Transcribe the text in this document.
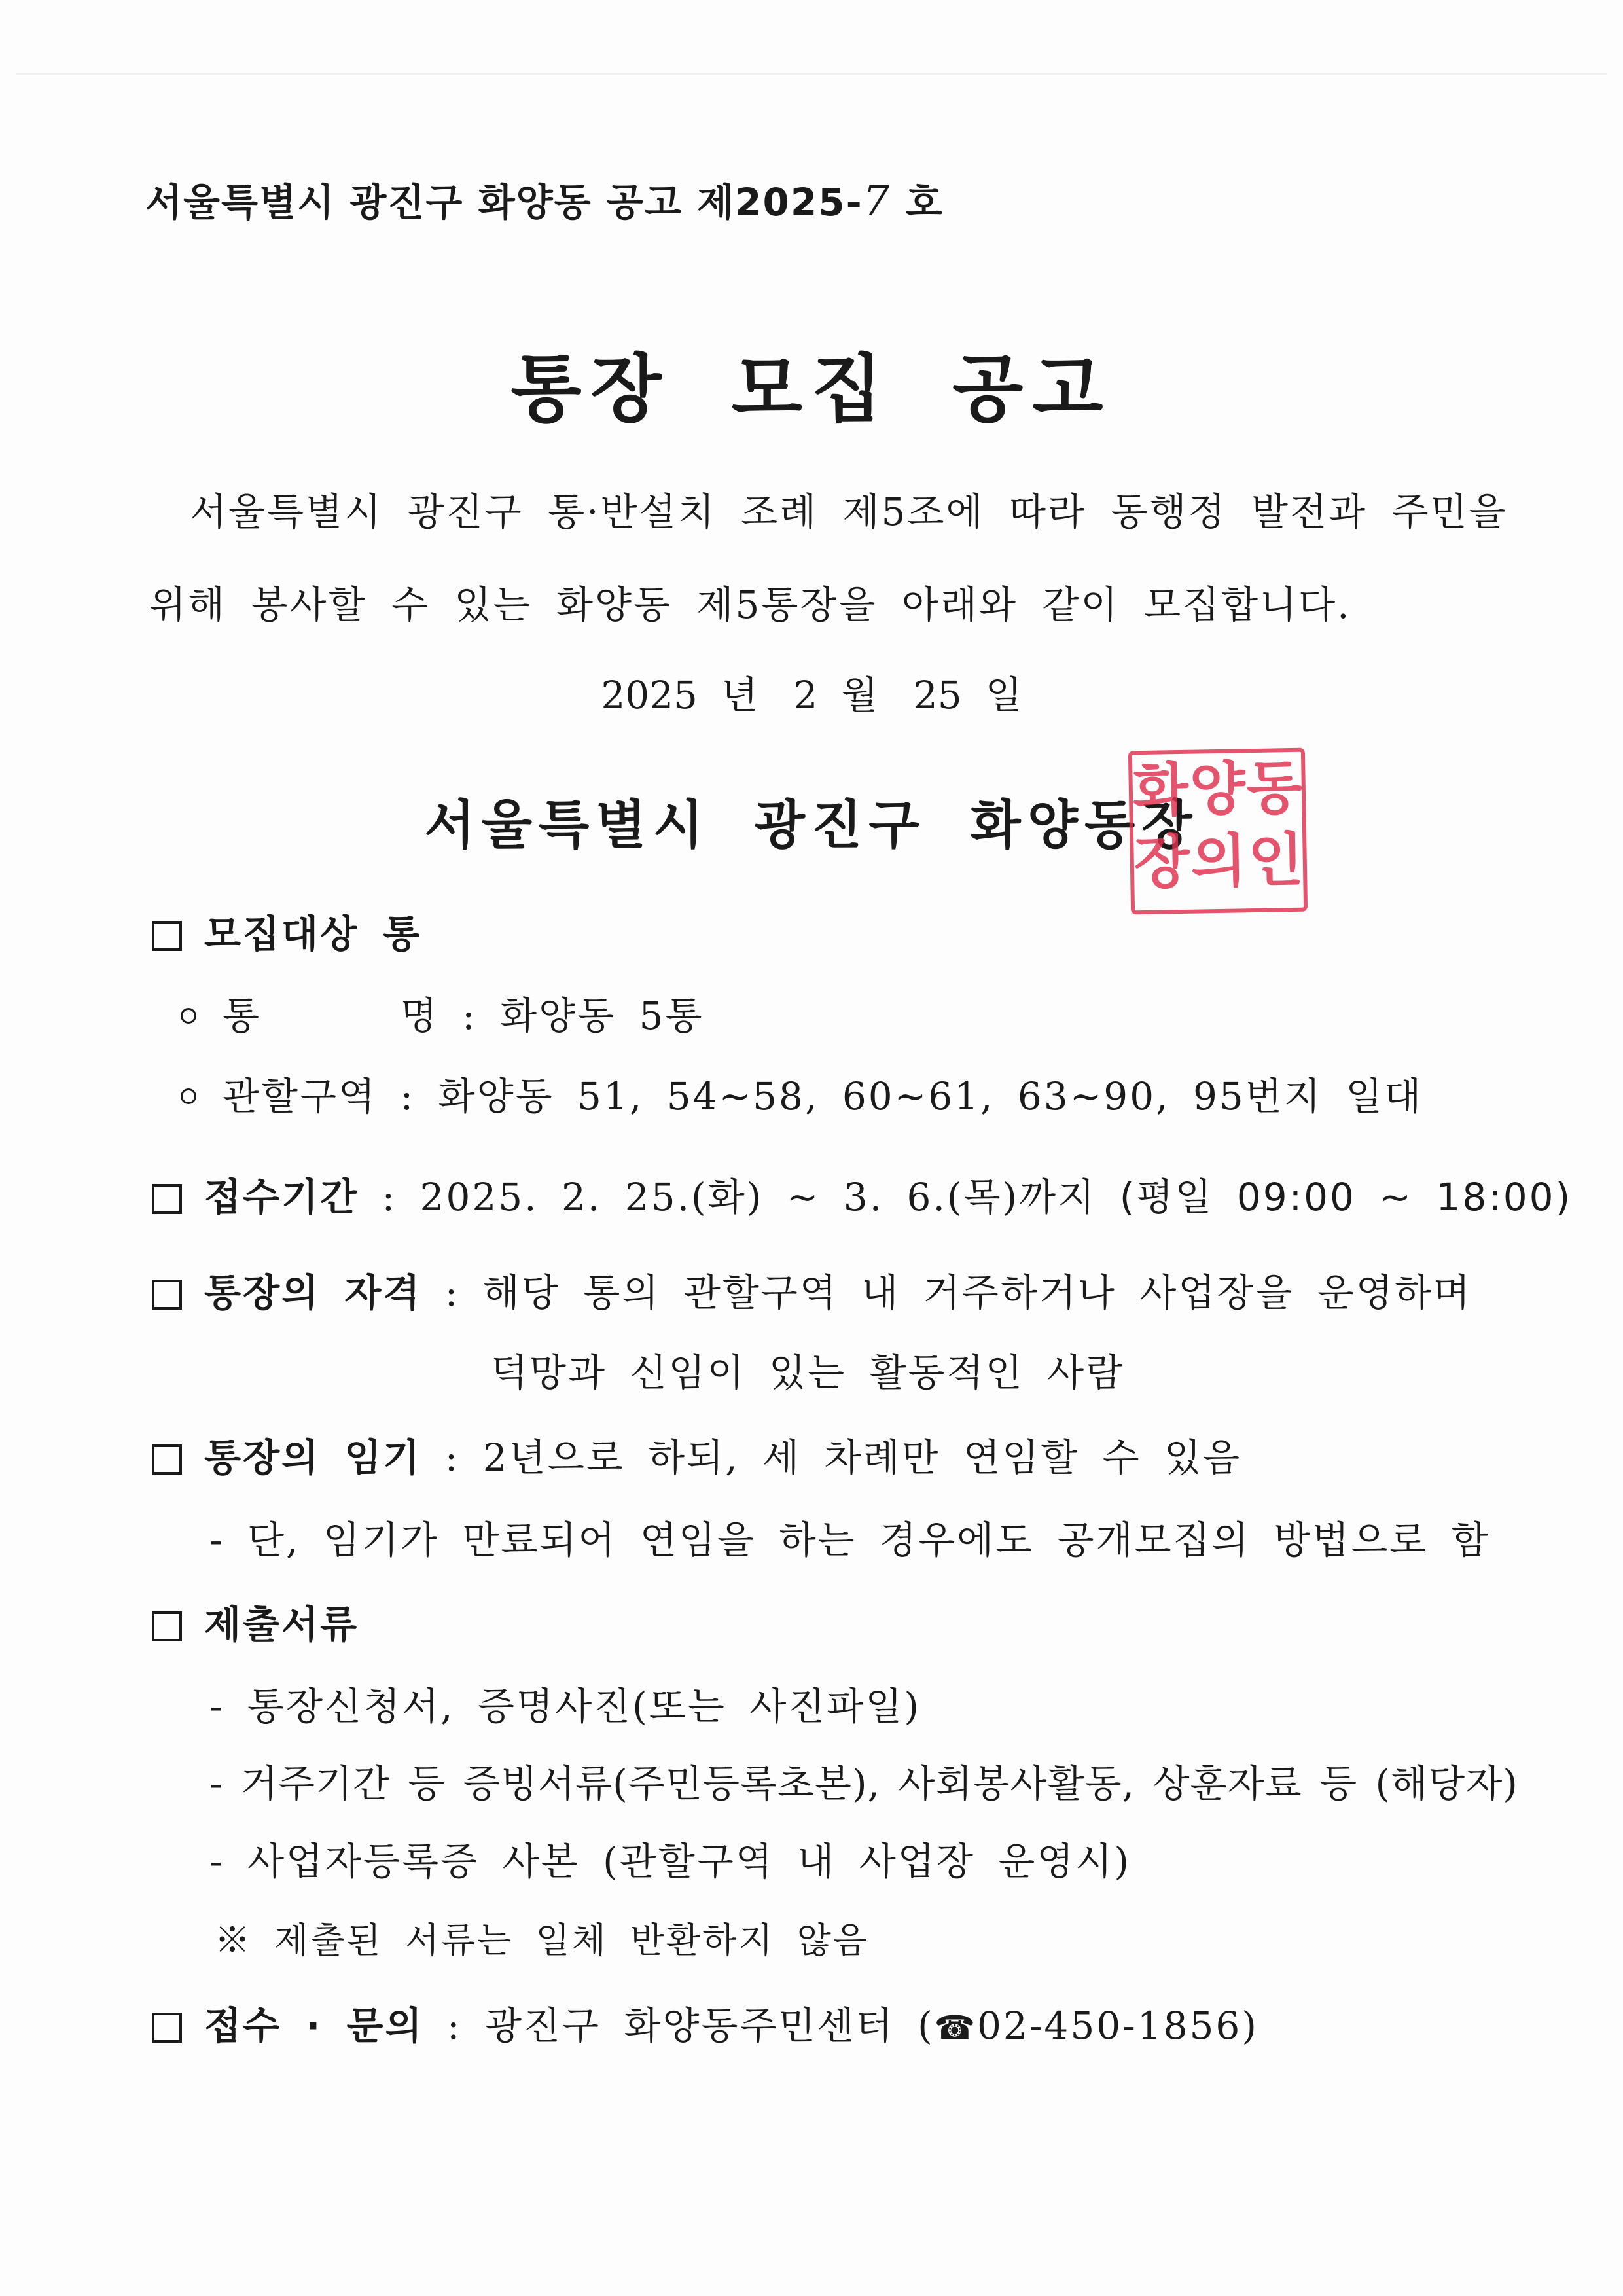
서울특별시 광진구 화양동 공고 제2025-7 호
통장 모집 공고
서울특별시 광진구 통·반설치 조례 제5조에 따라 동행정 발전과 주민을
위해 봉사할 수 있는 화양동 제5통장을 아래와 같이 모집합니다.
2025 년 2 월 25 일
서울특별시 광진구 화양동장
화양동
장의인
모집대상 통
통      명 : 화양동 5통
관할구역 : 화양동 51, 54~58, 60~61, 63~90, 95번지 일대
접수기간 : 2025. 2. 25.(화) ~ 3. 6.(목)까지 (평일 09:00 ~ 18:00)
통장의 자격 : 해당 통의 관할구역 내 거주하거나 사업장을 운영하며
덕망과 신임이 있는 활동적인 사람
통장의 임기 : 2년으로 하되, 세 차례만 연임할 수 있음
- 단, 임기가 만료되어 연임을 하는 경우에도 공개모집의 방법으로 함
제출서류
- 통장신청서, 증명사진(또는 사진파일)
- 거주기간 등 증빙서류(주민등록초본), 사회봉사활동, 상훈자료 등 (해당자)
- 사업자등록증 사본 (관할구역 내 사업장 운영시)
※ 제출된 서류는 일체 반환하지 않음
접수 · 문의 : 광진구 화양동주민센터 (☎02-450-1856)
